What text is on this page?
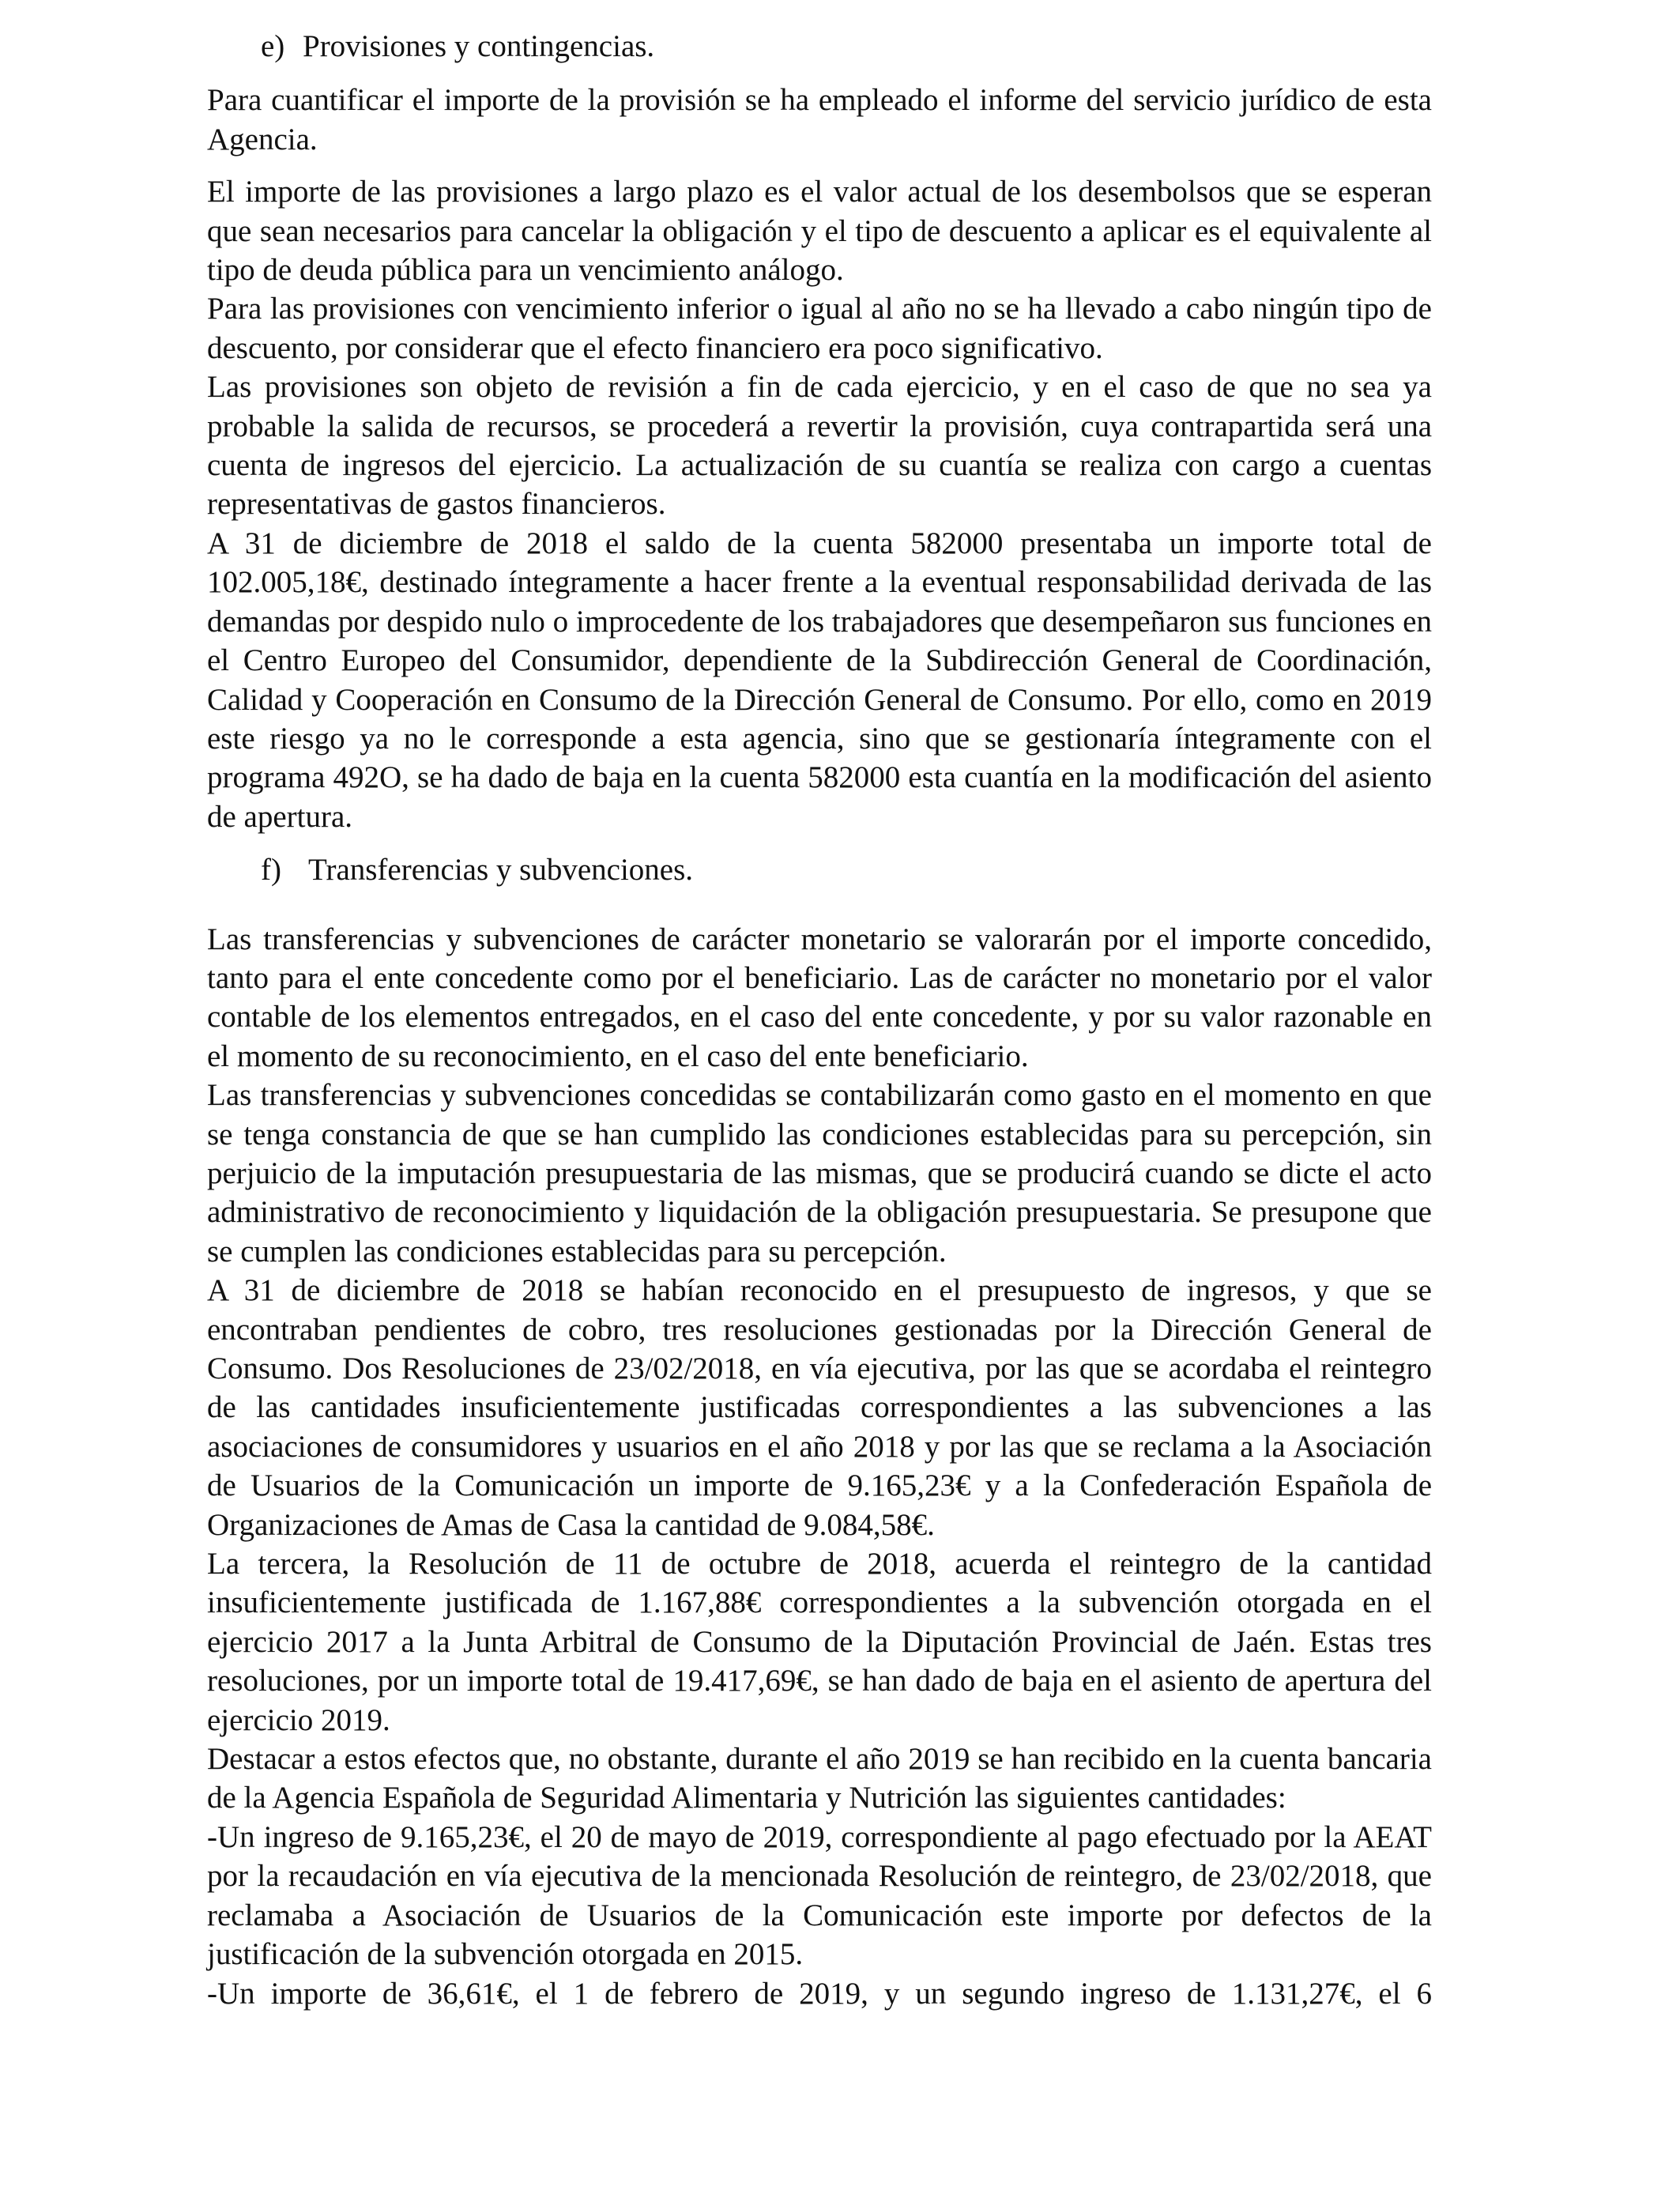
e) Provisiones y contingencias.

Para cuantificar el importe de la provisión se ha empleado el informe del servicio jurídico de esta Agencia.

El importe de las provisiones a largo plazo es el valor actual de los desembolsos que se esperan que sean necesarios para cancelar la obligación y el tipo de descuento a aplicar es el equivalente al tipo de deuda pública para un vencimiento análogo.

Para las provisiones con vencimiento inferior o igual al año no se ha llevado a cabo ningún tipo de descuento, por considerar que el efecto financiero era poco significativo.

Las provisiones son objeto de revisión a fin de cada ejercicio, y en el caso de que no sea ya probable la salida de recursos, se procederá a revertir la provisión, cuya contrapartida será una cuenta de ingresos del ejercicio. La actualización de su cuantía se realiza con cargo a cuentas representativas de gastos financieros.

A 31 de diciembre de 2018 el saldo de la cuenta 582000 presentaba un importe total de 102.005,18€, destinado íntegramente a hacer frente a la eventual responsabilidad derivada de las demandas por despido nulo o improcedente de los trabajadores que desempeñaron sus funciones en el Centro Europeo del Consumidor, dependiente de la Subdirección General de Coordinación, Calidad y Cooperación en Consumo de la Dirección General de Consumo. Por ello, como en 2019 este riesgo ya no le corresponde a esta agencia, sino que se gestionaría íntegramente con el programa 492O, se ha dado de baja en la cuenta 582000 esta cuantía en la modificación del asiento de apertura.

f) Transferencias y subvenciones.

Las transferencias y subvenciones de carácter monetario se valorarán por el importe concedido, tanto para el ente concedente como por el beneficiario. Las de carácter no monetario por el valor contable de los elementos entregados, en el caso del ente concedente, y por su valor razonable en el momento de su reconocimiento, en el caso del ente beneficiario.

Las transferencias y subvenciones concedidas se contabilizarán como gasto en el momento en que se tenga constancia de que se han cumplido las condiciones establecidas para su percepción, sin perjuicio de la imputación presupuestaria de las mismas, que se producirá cuando se dicte el acto administrativo de reconocimiento y liquidación de la obligación presupuestaria. Se presupone que se cumplen las condiciones establecidas para su percepción.

A 31 de diciembre de 2018 se habían reconocido en el presupuesto de ingresos, y que se encontraban pendientes de cobro, tres resoluciones gestionadas por la Dirección General de Consumo. Dos Resoluciones de 23/02/2018, en vía ejecutiva, por las que se acordaba el reintegro de las cantidades insuficientemente justificadas correspondientes a las subvenciones a las asociaciones de consumidores y usuarios en el año 2018 y por las que se reclama a la Asociación de Usuarios de la Comunicación un importe de 9.165,23€ y a la Confederación Española de Organizaciones de Amas de Casa la cantidad de 9.084,58€.

La tercera, la Resolución de 11 de octubre de 2018, acuerda el reintegro de la cantidad insuficientemente justificada de 1.167,88€ correspondientes a la subvención otorgada en el ejercicio 2017 a la Junta Arbitral de Consumo de la Diputación Provincial de Jaén. Estas tres resoluciones, por un importe total de 19.417,69€, se han dado de baja en el asiento de apertura del ejercicio 2019.

Destacar a estos efectos que, no obstante, durante el año 2019 se han recibido en la cuenta bancaria de la Agencia Española de Seguridad Alimentaria y Nutrición las siguientes cantidades:

-Un ingreso de 9.165,23€, el 20 de mayo de 2019, correspondiente al pago efectuado por la AEAT por la recaudación en vía ejecutiva de la mencionada Resolución de reintegro, de 23/02/2018, que reclamaba a Asociación de Usuarios de la Comunicación este importe por defectos de la justificación de la subvención otorgada en 2015.

-Un importe de 36,61€, el 1 de febrero de 2019, y un segundo ingreso de 1.131,27€, el 6
